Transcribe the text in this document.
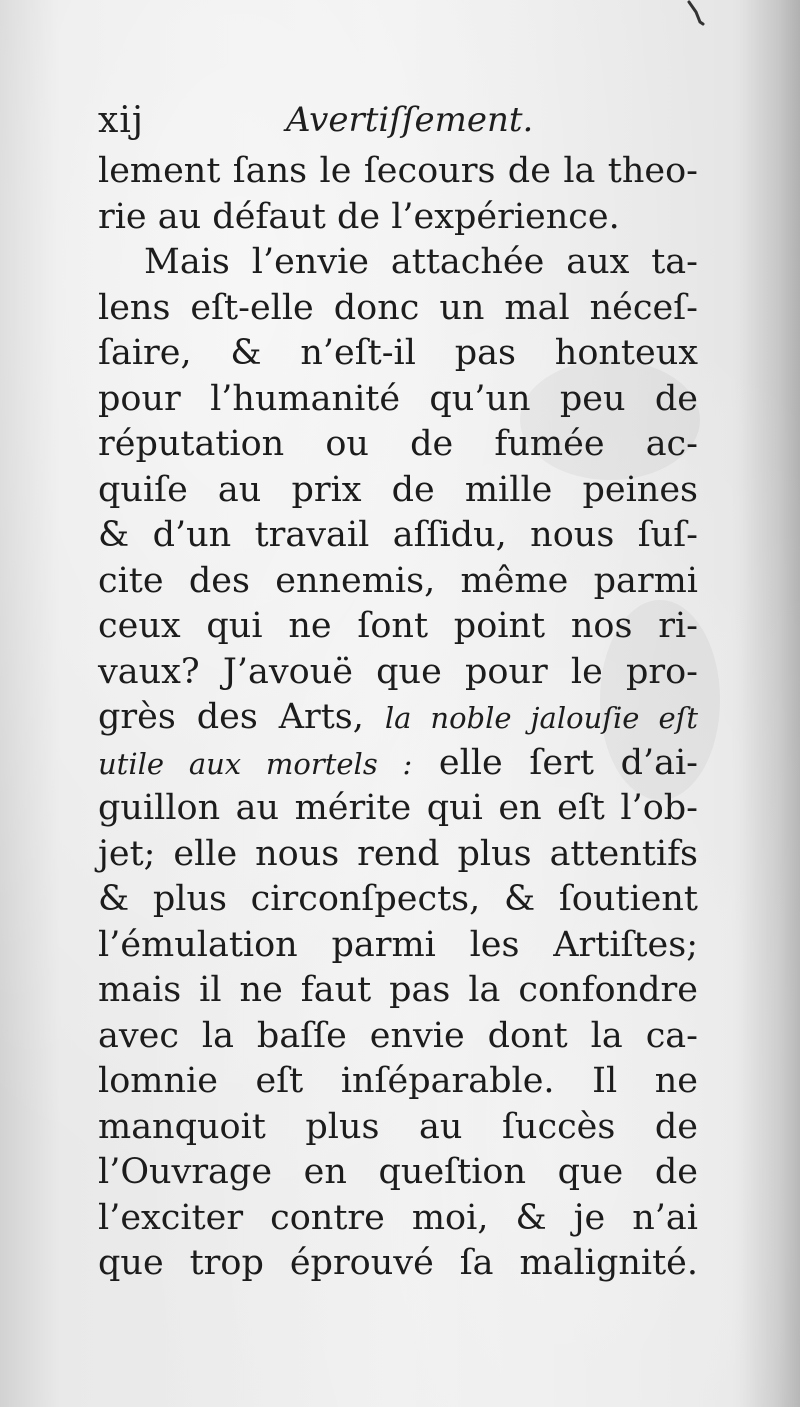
xij	Avertiſſement.
lement ſans le ſecours de la theo-
rie au défaut de l’expérience.
Mais l’envie attachée aux ta-
lens eſt-elle donc un mal néceſ-
ſaire, & n’eſt-il pas honteux
pour l’humanité qu’un peu de
réputation ou de fumée ac-
quiſe au prix de mille peines
& d’un travail aſſidu, nous ſuſ-
cite des ennemis, même parmi
ceux qui ne ſont point nos ri-
vaux? J’avouë que pour le pro-
grès des Arts, la noble jalouſie eſt
utile aux mortels : elle ſert d’ai-
guillon au mérite qui en eſt l’ob-
jet; elle nous rend plus attentifs
& plus circonſpects, & ſoutient
l’émulation parmi les Artiſtes;
mais il ne faut pas la confondre
avec la baſſe envie dont la ca-
lomnie eſt inſéparable. Il ne
manquoit plus au ſuccès de
l’Ouvrage en queſtion que de
l’exciter contre moi, & je n’ai
que trop éprouvé ſa malignité.
